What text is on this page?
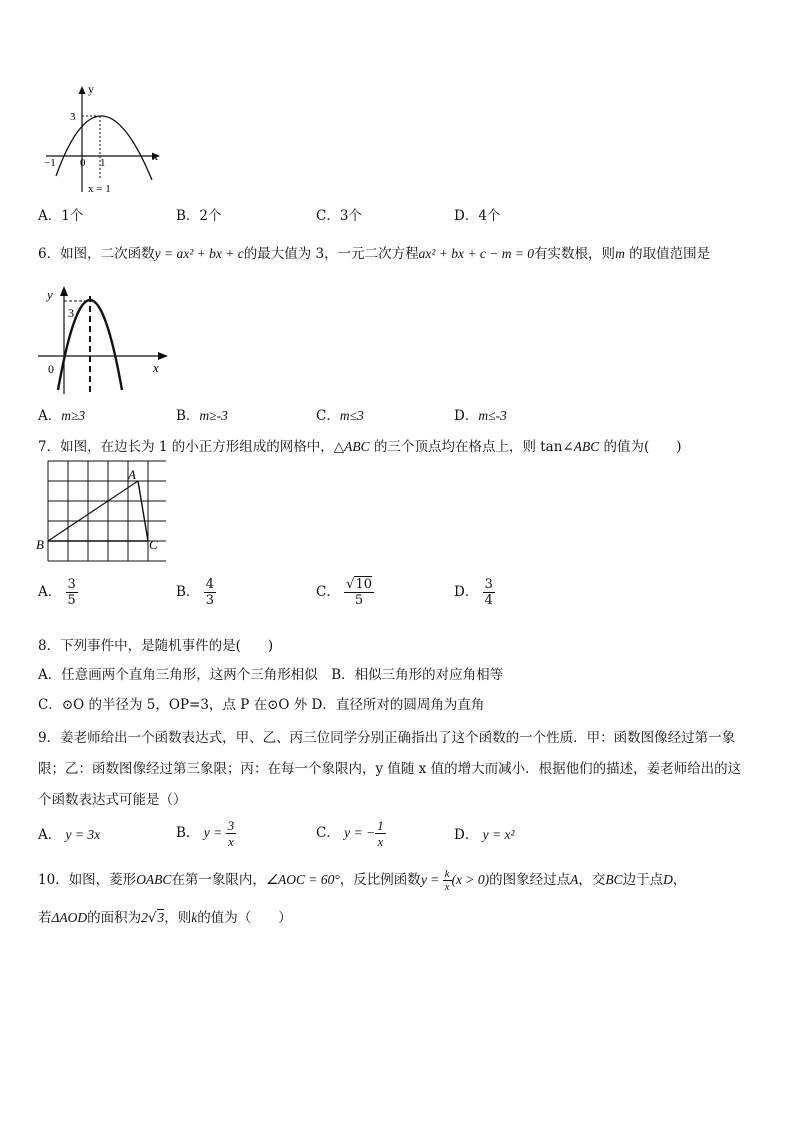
y
x
3
−1 0 1
x = 1
A．1个	B．2个	C．3个	D．4个
6．如图，二次函数y = ax² + bx + c的最大值为 3，一元二次方程ax² + bx + c − m = 0有实数根，则m 的取值范围是
y
x
3
0
A．m≥3	B．m≥-3	C．m≤3	D．m≤-3
7．如图，在边长为 1 的小正方形组成的网格中，△ABC 的三个顶点均在格点上，则 tan∠ABC 的值为(　　)
A
B	C
A． $\frac{3}{5}$	B． $\frac{4}{3}$	C． $\frac{√10}{5}$	D． $\frac{3}{4}$
8．下列事件中，是随机事件的是(　　)
A．任意画两个直角三角形，这两个三角形相似　B．相似三角形的对应角相等
C．⊙O 的半径为 5，OP=3，点 P 在⊙O 外 D．直径所对的圆周角为直角
9．姜老师给出一个函数表达式，甲、乙、丙三位同学分别正确指出了这个函数的一个性质．甲：函数图像经过第一象
限；乙：函数图像经过第三象限；丙：在每一个象限内，y 值随 x 值的增大而减小．根据他们的描述，姜老师给出的这
个函数表达式可能是（）
A． y = 3x	B． $y = \frac{3}{x}$	C． y = − $\frac{1}{x}$	D． y = x²
10．如图，菱形OABC在第一象限内，∠AOC = 60°，反比例函数$y = \frac{k}{x} (x > 0)$的图象经过点A，交BC边于点D，
若ΔAOD的面积为2√3，则k的值为（　　）
